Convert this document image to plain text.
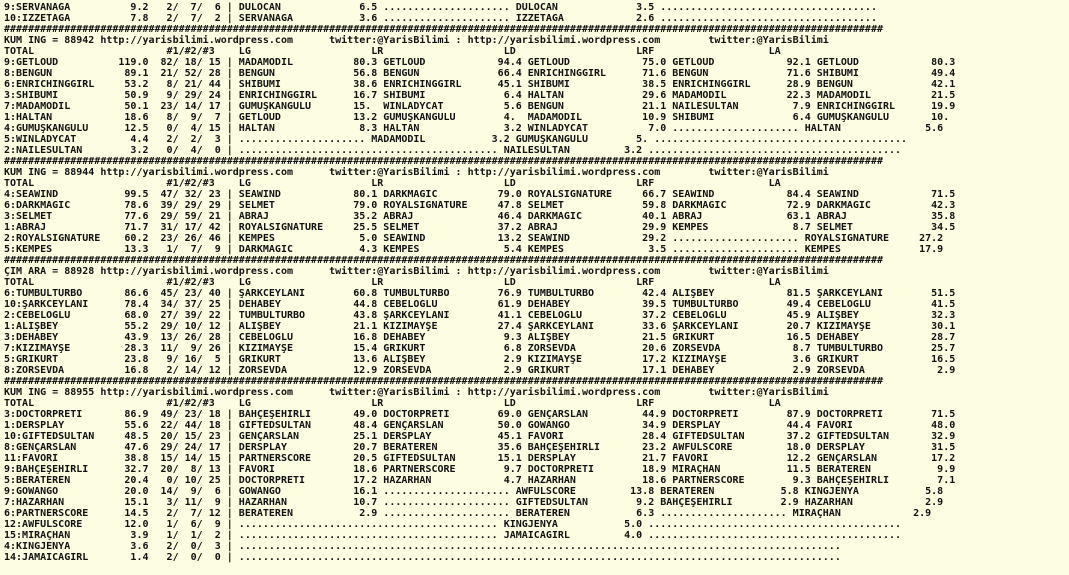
9:SERVANAĞA          9.2   2/  7/  6 | DULOCAN             6.5 ..................... DULOCAN             3.5 ....................................
10:İZZETAĞA          7.8   2/  7/  2 | SERVANAĞA           3.6 ..................... İZZETAĞA            2.6 ....................................
##################################################################################################################################################
KUM ING = 88942 http://yarisbilimi.wordpress.com      twitter:@YarisBilimi : http://yarisbilimi.wordpress.com        twitter:@YarisBilimi
TOTAL                      #1/#2/#3    LG                    LR                    LD                    LRF                   LA
9:GETLOUD          119.0  82/ 18/ 15 | MADAMODİL          80.3 GETLOUD            94.4 GETLOUD            75.0 GETLOUD            92.1 GETLOUD            80.3
8:BENGUN            89.1  21/ 52/ 28 | BENGUN             56.8 BENGUN             66.4 ENRICHINGGIRL      71.6 BENGUN             71.6 SHIBUMI            49.4
6:ENRICHINGGIRL     53.2   8/ 21/ 44 | SHIBUMI            38.6 ENRICHINGGIRL      45.1 SHIBUMI            38.5 ENRICHINGGIRL      28.9 BENGUN             42.1
3:SHIBUMI           50.9   9/ 29/ 24 | ENRICHINGGIRL      16.7 SHIBUMI             6.4 HALTAN             29.6 MADAMODİL          22.3 MADAMODİL          21.5
7:MADAMODİL         50.1  23/ 14/ 17 | GÜMÜŞKANGÜLÜ       15.  WINLADYCAT          5.6 BENGUN             21.1 NAİLESULTAN         7.9 ENRICHINGGIRL      19.9
1:HALTAN            18.6   8/  9/  7 | GETLOUD            13.2 GÜMÜŞKANGÜLÜ        4.  MADAMODİL          10.9 SHIBUMI             6.4 GÜMÜŞKANGÜLÜ       10.
4:GÜMÜŞKANGÜLÜ      12.5   0/  4/ 15 | HALTAN              8.3 HALTAN              3.2 WINLADYCAT          7.0 ..................... HALTAN              5.6
5:WINLADYCAT         4.4   2/  2/  3 | ..................... MADAMODİL           3.2 GÜMÜŞKANGÜLÜ        5. ..........................................
2:NAİLESULTAN        3.2   0/  4/  0 | ........................................... NAİLESULTAN         3.2 ..........................................
##################################################################################################################################################
KUM ING = 88944 http://yarisbilimi.wordpress.com      twitter:@YarisBilimi : http://yarisbilimi.wordpress.com        twitter:@YarisBilimi
TOTAL                      #1/#2/#3    LG                    LR                    LD                    LRF                   LA
4:SEAWIND           99.5  47/ 32/ 23 | SEAWIND            80.1 DARKMAGIC          79.0 ROYALSIGNATURE     66.7 SEAWIND            84.4 SEAWIND            71.5
6:DARKMAGIC         78.6  39/ 29/ 29 | SELMET             79.0 ROYALSIGNATURE     47.8 SELMET             59.8 DARKMAGIC          72.9 DARKMAGIC          42.3
3:SELMET            77.6  29/ 59/ 21 | ABRAJ              35.2 ABRAJ              46.4 DARKMAGIC          40.1 ABRAJ              63.1 ABRAJ              35.8
1:ABRAJ             71.7  31/ 17/ 42 | ROYALSIGNATURE     25.5 SELMET             37.2 ABRAJ              29.9 KEMPES              8.7 SELMET             34.5
2:ROYALSIGNATURE    60.2  23/ 26/ 46 | KEMPES              5.0 SEAWIND            13.2 SEAWIND            29.2 ..................... ROYALSIGNATURE     27.2
5:KEMPES            13.3   1/  7/  9 | DARKMAGIC           4.3 KEMPES              5.4 KEMPES              3.5 ..................... KEMPES             17.9
##################################################################################################################################################
ÇIM ARA = 88928 http://yarisbilimi.wordpress.com      twitter:@YarisBilimi : http://yarisbilimi.wordpress.com        twitter:@YarisBilimi
TOTAL                      #1/#2/#3    LG                    LR                    LD                    LRF                   LA
6:TUMBULTURBO       86.6  45/ 23/ 40 | ŞARKCEYLANI        60.8 TUMBULTURBO        76.9 TUMBULTURBO        42.4 ALİŞBEY            81.5 ŞARKCEYLANI        51.5
10:ŞARKCEYLANI      78.4  34/ 37/ 25 | DEHABEY            44.8 CEBELOĞLU          61.9 DEHABEY            39.5 TUMBULTURBO        49.4 CEBELOĞLU          41.5
2:CEBELOĞLU         68.0  27/ 39/ 22 | TUMBULTURBO        43.8 ŞARKCEYLANI        41.1 CEBELOĞLU          37.2 CEBELOĞLU          45.9 ALİŞBEY            32.3
1:ALİŞBEY           55.2  29/ 10/ 12 | ALİŞBEY            21.1 KIZIMAYŞE          27.4 ŞARKCEYLANI        33.6 ŞARKCEYLANI        20.7 KIZIMAYŞE          30.1
3:DEHABEY           43.9  13/ 26/ 28 | CEBELOĞLU          16.8 DEHABEY             9.3 ALİŞBEY            21.5 GRİKURT            16.5 DEHABEY            28.7
7:KIZIMAYŞE         28.3  11/  9/ 26 | KIZIMAYŞE          15.4 GRİKURT             6.8 ZORSEVDA           20.6 ZORSEVDA            8.7 TUMBULTURBO        25.7
5:GRİKURT           23.8   9/ 16/  5 | GRİKURT            13.6 ALİŞBEY             2.9 KIZIMAYŞE          17.2 KIZIMAYŞE           3.6 GRİKURT            16.5
8:ZORSEVDA          16.8   2/ 14/ 12 | ZORSEVDA           12.9 ZORSEVDA            2.9 GRİKURT            17.1 DEHABEY             2.9 ZORSEVDA            2.9
##################################################################################################################################################
KUM ING = 88955 http://yarisbilimi.wordpress.com      twitter:@YarisBilimi : http://yarisbilimi.wordpress.com        twitter:@YarisBilimi
TOTAL                      #1/#2/#3    LG                    LR                    LD                    LRF                   LA
3:DOCTORPRETI       86.9  49/ 23/ 18 | BAHÇEŞEHİRLİ       49.0 DOCTORPRETI        69.0 GENÇARSLAN         44.9 DOCTORPRETI        87.9 DOCTORPRETI        71.5
1:DERSPLAY          55.6  22/ 44/ 18 | GIFTEDSULTAN       48.4 GENÇARSLAN         50.0 GOWANGO            34.9 DERSPLAY           44.4 FAVORİ             48.0
10:GIFTEDSULTAN     48.5  20/ 15/ 23 | GENÇARSLAN         25.1 DERSPLAY           45.1 FAVORİ             28.4 GIFTEDSULTAN       37.2 GIFTEDSULTAN       32.9
8:GENÇARSLAN        47.6  29/ 24/ 17 | DERSPLAY           20.7 BERATEREN          35.6 BAHÇEŞEHİRLİ       23.2 AWFULSCORE         18.0 DERSPLAY           31.5
11:FAVORİ           38.8  15/ 14/ 15 | PARTNERSCORE       20.5 GIFTEDSULTAN       15.1 DERSPLAY           21.7 FAVORİ             12.2 GENÇARSLAN         17.2
9:BAHÇEŞEHİRLİ      32.7  20/  8/ 13 | FAVORİ             18.6 PARTNERSCORE        9.7 DOCTORPRETI        18.9 MİRAÇHAN           11.5 BERATEREN           9.9
5:BERATEREN         20.4   0/ 10/ 25 | DOCTORPRETI        17.2 HAZARHAN            4.7 HAZARHAN           18.6 PARTNERSCORE        9.3 BAHÇEŞEHİRLİ        7.1
9:GOWANGO           20.0  14/  9/  6 | GOWANGO            16.1 ..................... AWFULSCORE         13.8 BERATEREN           5.8 KINGJENYA           5.8
7:HAZARHAN          15.1   3/ 11/  9 | HAZARHAN           10.7 ..................... GIFTEDSULTAN        9.2 BAHÇEŞEHİRLİ        2.9 HAZARHAN            2.9
6:PARTNERSCORE      14.5   2/  7/ 12 | BERATEREN           2.9 ..................... BERATEREN           6.3 ..................... MİRAÇHAN            2.9
12:AWFULSCORE       12.0   1/  6/  9 | ........................................... KINGJENYA           5.0 ..........................................
15:MİRAÇHAN          3.9   1/  1/  2 | ........................................... JAMAICAGIRL         4.0 ..........................................
4:KINGJENYA          3.6   2/  0/  3 | ....................................................................................................
14:JAMAICAGIRL       1.4   2/  0/  0 | ....................................................................................................
